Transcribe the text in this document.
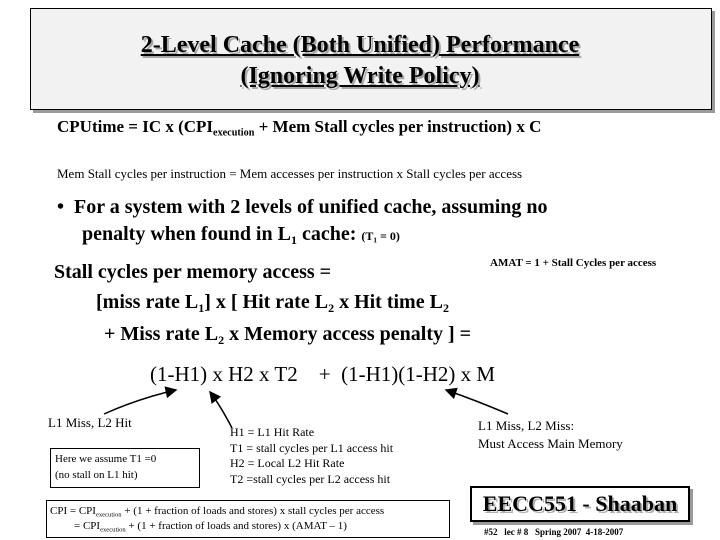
2-Level Cache (Both Unified) Performance
(Ignoring Write Policy)
CPUtime = IC x ($CPI_{execution}$ + Mem Stall cycles per instruction) x C
Mem Stall cycles per instruction = Mem accesses per instruction x Stall cycles per access
• For a system with 2 levels of unified cache, assuming no
penalty when found in $L_1$ cache: $(T_1 = 0)$
AMAT = 1 + Stall Cycles per access
Stall cycles per memory access =
[miss rate $L_1$] x [ Hit rate $L_2$ x Hit time $L_2$
+ Miss rate $L_2$ x Memory access penalty ] =
(1-H1) x H2 x T2    +  (1-H1)(1-H2) x M
L1 Miss, L2 Hit
Here we assume T1 =0
(no stall on L1 hit)
H1 = L1 Hit Rate
T1 = stall cycles per L1 access hit
H2 = Local L2 Hit Rate
T2 =stall cycles per L2 access hit
L1 Miss, L2 Miss:
Must Access Main Memory
CPI = $CPI_{execution} + (1$ + fraction of loads and stores) x stall cycles per access
= $CPI_{execution} + (1$ + fraction of loads and stores) x (AMAT – 1)
EECC551 - Shaaban
#52   lec # 8   Spring 2007  4-18-2007
